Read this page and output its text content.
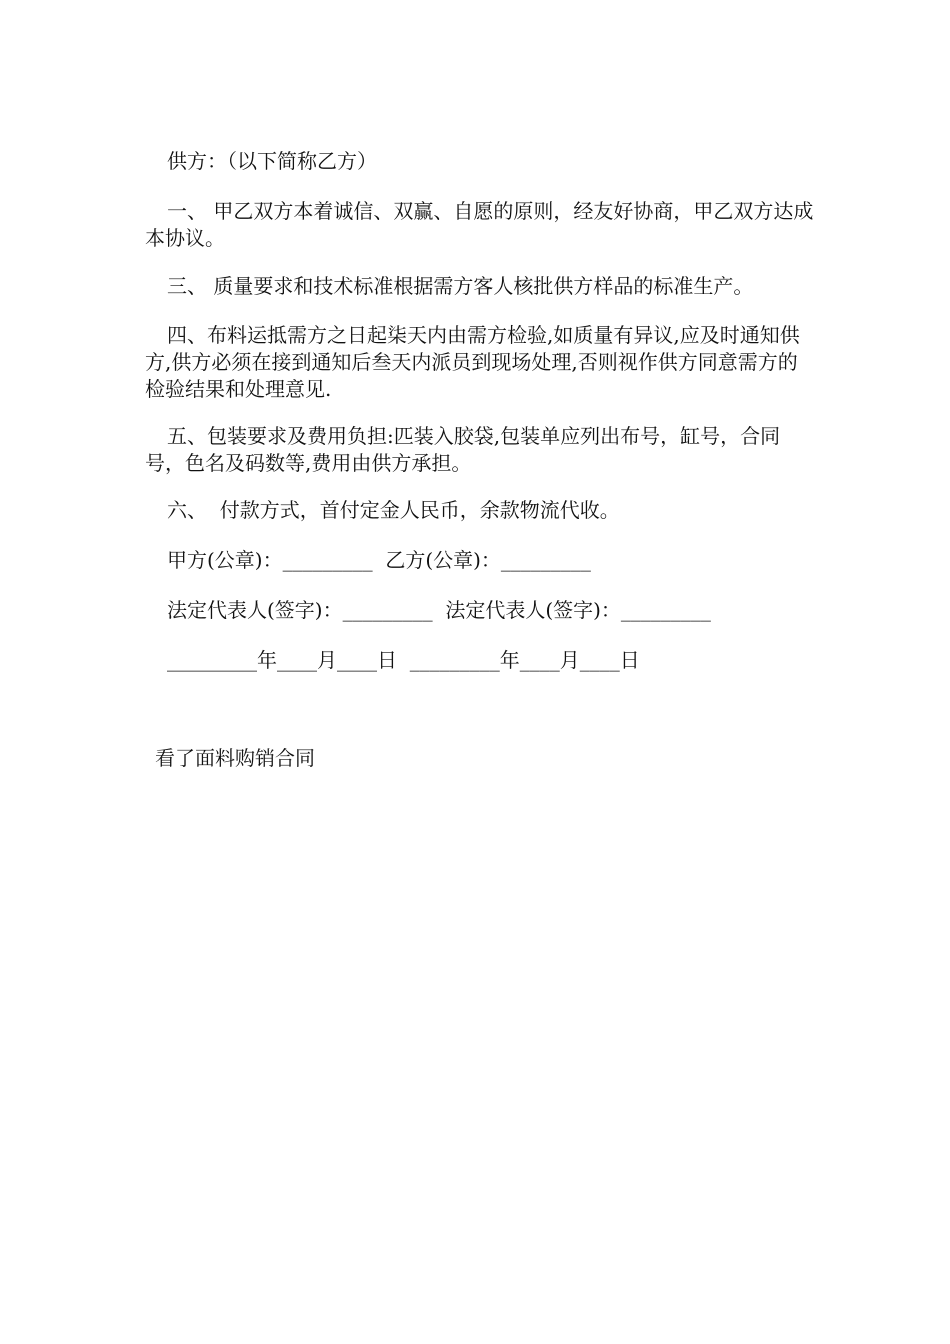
供方：（以下简称乙方）

一、 甲乙双方本着诚信、双赢、自愿的原则，经友好协商，甲乙双方达成本协议。

三、 质量要求和技术标准根据需方客人核批供方样品的标准生产。

四、布料运抵需方之日起柒天内由需方检验,如质量有异议,应及时通知供方,供方必须在接到通知后叁天内派员到现场处理,否则视作供方同意需方的检验结果和处理意见.

五、包装要求及费用负担:匹装入胶袋,包装单应列出布号，缸号，合同号，色名及码数等,费用由供方承担。

六、  付款方式，首付定金人民币，余款物流代收。

甲方(公章)：_________  乙方(公章)：_________

法定代表人(签字)：_________  法定代表人(签字)：_________

_________年____月____日  _________年____月____日

看了面料购销合同
